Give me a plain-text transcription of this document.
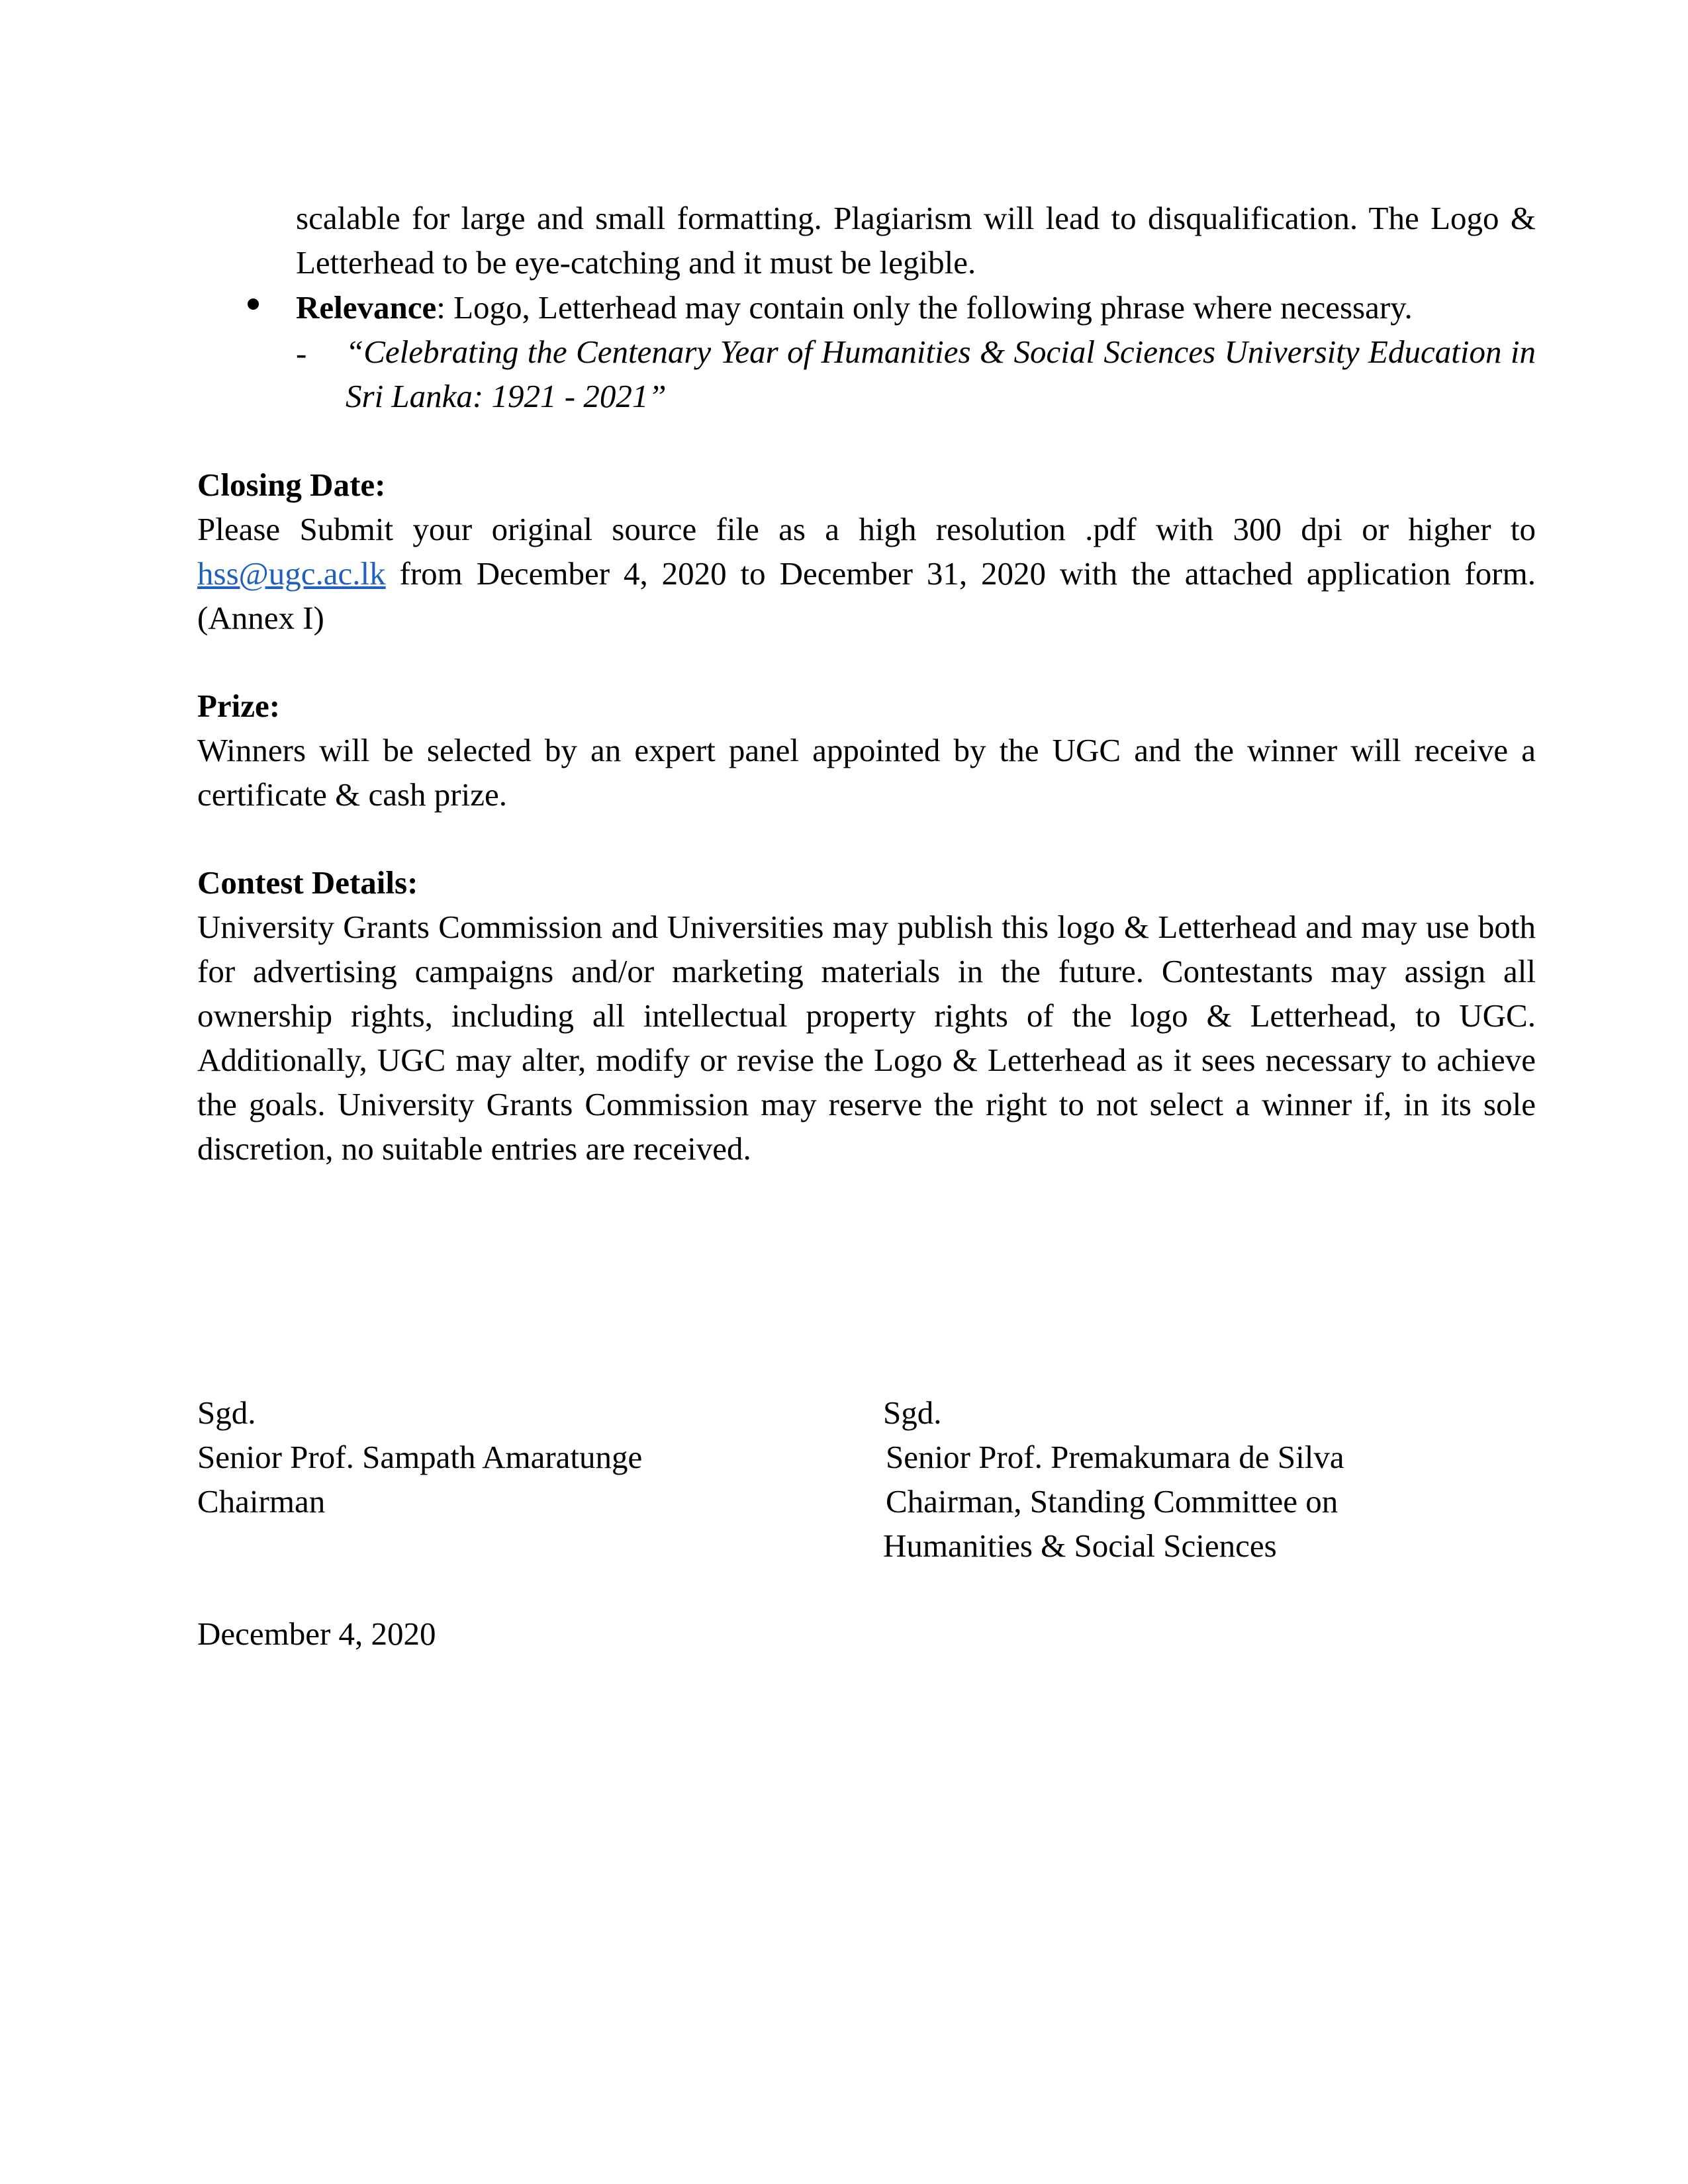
scalable for large and small formatting. Plagiarism will lead to disqualification. The Logo & Letterhead to be eye-catching and it must be legible.
Relevance: Logo, Letterhead may contain only the following phrase where necessary.
- “Celebrating the Centenary Year of Humanities & Social Sciences University Education in Sri Lanka: 1921 - 2021”
Closing Date:
Please Submit your original source file as a high resolution .pdf with 300 dpi or higher to hss@ugc.ac.lk from December 4, 2020 to December 31, 2020 with the attached application form. (Annex I)
Prize:
Winners will be selected by an expert panel appointed by the UGC and the winner will receive a certificate & cash prize.
Contest Details:
University Grants Commission and Universities may publish this logo & Letterhead and may use both for advertising campaigns and/or marketing materials in the future. Contestants may assign all ownership rights, including all intellectual property rights of the logo & Letterhead, to UGC. Additionally, UGC may alter, modify or revise the Logo & Letterhead as it sees necessary to achieve the goals. University Grants Commission may reserve the right to not select a winner if, in its sole discretion, no suitable entries are received.
Sgd.
Senior Prof. Sampath Amaratunge
Chairman
Sgd.
Senior Prof. Premakumara de Silva
Chairman, Standing Committee on
Humanities & Social Sciences
December 4, 2020
